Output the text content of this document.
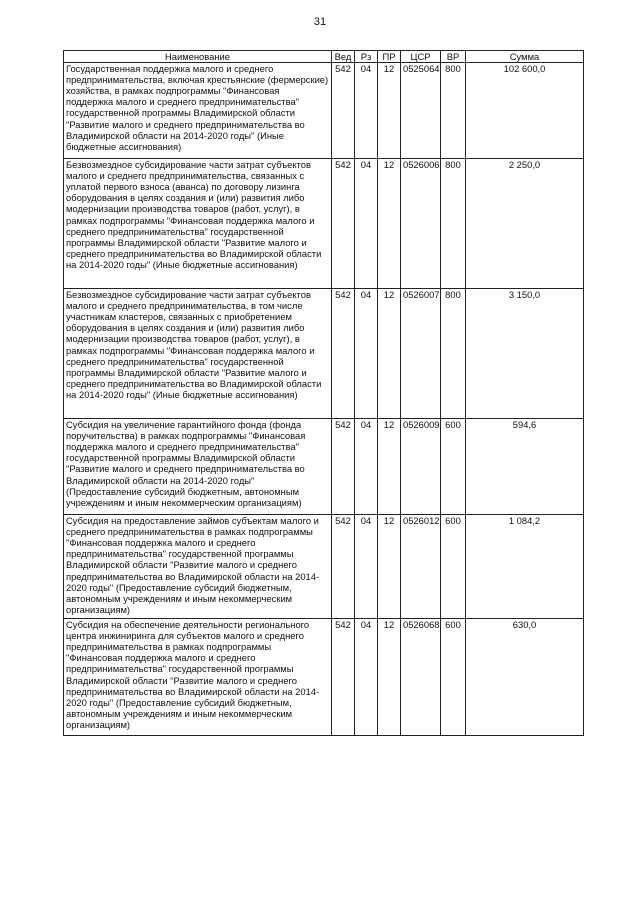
31
Наименование	Вед	Рз	ПР	ЦСР	ВР	Сумма
Государственная поддержка малого и среднего предпринимательства, включая крестьянские (фермерские) хозяйства, в рамках подпрограммы "Финансовая поддержка малого и среднего предпринимательства" государственной программы Владимирской области "Развитие малого и среднего предпринимательства во Владимирской области на 2014-2020 годы" (Иные бюджетные ассигнования)	542	04	12	0525064	800	102 600,0
Безвозмездное субсидирование части затрат субъектов малого и среднего предпринимательства, связанных с уплатой первого взноса (аванса) по договору лизинга оборудования в целях создания и (или) развития либо модернизации производства товаров (работ, услуг), в рамках подпрограммы "Финансовая поддержка малого и среднего предпринимательства" государственной программы Владимирской области "Развитие малого и среднего предпринимательства во Владимирской области на 2014-2020 годы" (Иные бюджетные ассигнования)	542	04	12	0526006	800	2 250,0
Безвозмездное субсидирование части затрат субъектов малого и среднего предпринимательства, в том числе участникам кластеров, связанных с приобретением оборудования в целях создания и (или) развития либо модернизации производства товаров (работ, услуг), в рамках подпрограммы "Финансовая поддержка малого и среднего предпринимательства" государственной программы Владимирской области "Развитие малого и среднего предпринимательства во Владимирской области на 2014-2020 годы" (Иные бюджетные ассигнования)	542	04	12	0526007	800	3 150,0
Субсидия на увеличение гарантийного фонда (фонда поручительства) в рамках подпрограммы "Финансовая поддержка малого и среднего предпринимательства" государственной программы Владимирской области "Развитие малого и среднего предпринимательства во Владимирской области на 2014-2020 годы" (Предоставление субсидий бюджетным, автономным учреждениям и иным некоммерческим организациям)	542	04	12	0526009	600	594,6
Субсидия на предоставление займов субъектам малого и среднего предпринимательства в рамках подпрограммы "Финансовая поддержка малого и среднего предпринимательства" государственной программы Владимирской области "Развитие малого и среднего предпринимательства во Владимирской области на 2014-2020 годы" (Предоставление субсидий бюджетным, автономным учреждениям и иным некоммерческим организациям)	542	04	12	0526012	600	1 084,2
Субсидия на обеспечение деятельности регионального центра инжиниринга для субъектов малого и среднего предпринимательства в рамках подпрограммы "Финансовая поддержка малого и среднего предпринимательства" государственной программы Владимирской области "Развитие малого и среднего предпринимательства во Владимирской области на 2014-2020 годы" (Предоставление субсидий бюджетным, автономным учреждениям и иным некоммерческим организациям)	542	04	12	0526068	600	630,0
